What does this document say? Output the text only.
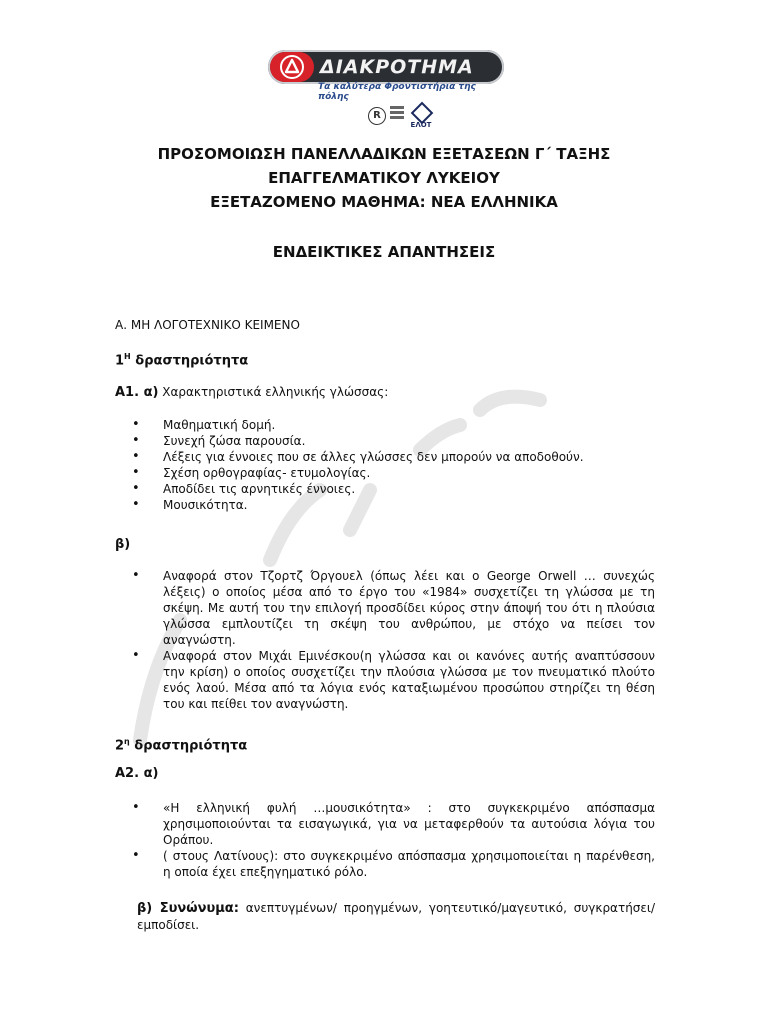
ΔΙΑΚΡΟΤΗΜΑ
Τα καλύτερα Φροντιστήρια της πόλης
R
ΕΛΟΤ
ΠΡΟΣΟΜΟΙΩΣΗ ΠΑΝΕΛΛΑΔΙΚΩΝ ΕΞΕΤΑΣΕΩΝ Γ΄ ΤΑΞΗΣ
ΕΠΑΓΓΕΛΜΑΤΙΚΟΥ ΛΥΚΕΙΟΥ
ΕΞΕΤΑΖΟΜΕΝΟ ΜΑΘΗΜΑ: ΝΕΑ ΕΛΛΗΝΙΚΑ
ΕΝΔΕΙΚΤΙΚΕΣ ΑΠΑΝΤΗΣΕΙΣ
Α. ΜΗ ΛΟΓΟΤΕΧΝΙΚΟ ΚΕΙΜΕΝΟ
$1^H$ δραστηριότητα
Α1. α) Χαρακτηριστικά ελληνικής γλώσσας:
• Μαθηματική δομή.
• Συνεχή ζώσα παρουσία.
• Λέξεις για έννοιες που σε άλλες γλώσσες δεν μπορούν να αποδοθούν.
• Σχέση ορθογραφίας- ετυμολογίας.
• Αποδίδει τις αρνητικές έννοιες.
• Μουσικότητα.
β)
• Αναφορά στον Τζορτζ Όργουελ (όπως λέει και ο George Orwell … συνεχώς λέξεις) ο οποίος μέσα από το έργο του «1984» συσχετίζει τη γλώσσα με τη σκέψη. Με αυτή του την επιλογή προσδίδει κύρος στην άποψή του ότι η πλούσια γλώσσα εμπλουτίζει τη σκέψη του ανθρώπου, με στόχο να πείσει τον αναγνώστη.
• Αναφορά στον Μιχάι Εμινέσκου(η γλώσσα και οι κανόνες αυτής αναπτύσσουν την κρίση) ο οποίος συσχετίζει την πλούσια γλώσσα με τον πνευματικό πλούτο ενός λαού. Μέσα από τα λόγια ενός καταξιωμένου προσώπου στηρίζει τη θέση του και πείθει τον αναγνώστη.
$2^\eta$ δραστηριότητα
Α2. α)
• «Η ελληνική φυλή …μουσικότητα» : στο συγκεκριμένο απόσπασμα χρησιμοποιούνται τα εισαγωγικά, για να μεταφερθούν τα αυτούσια λόγια του Οράπου.
• ( στους Λατίνους): στο συγκεκριμένο απόσπασμα χρησιμοποιείται η παρένθεση, η οποία έχει επεξηγηματικό ρόλο.
β) Συνώνυμα: ανεπτυγμένων/ προηγμένων, γοητευτικό/μαγευτικό, συγκρατήσει/εμποδίσει.
